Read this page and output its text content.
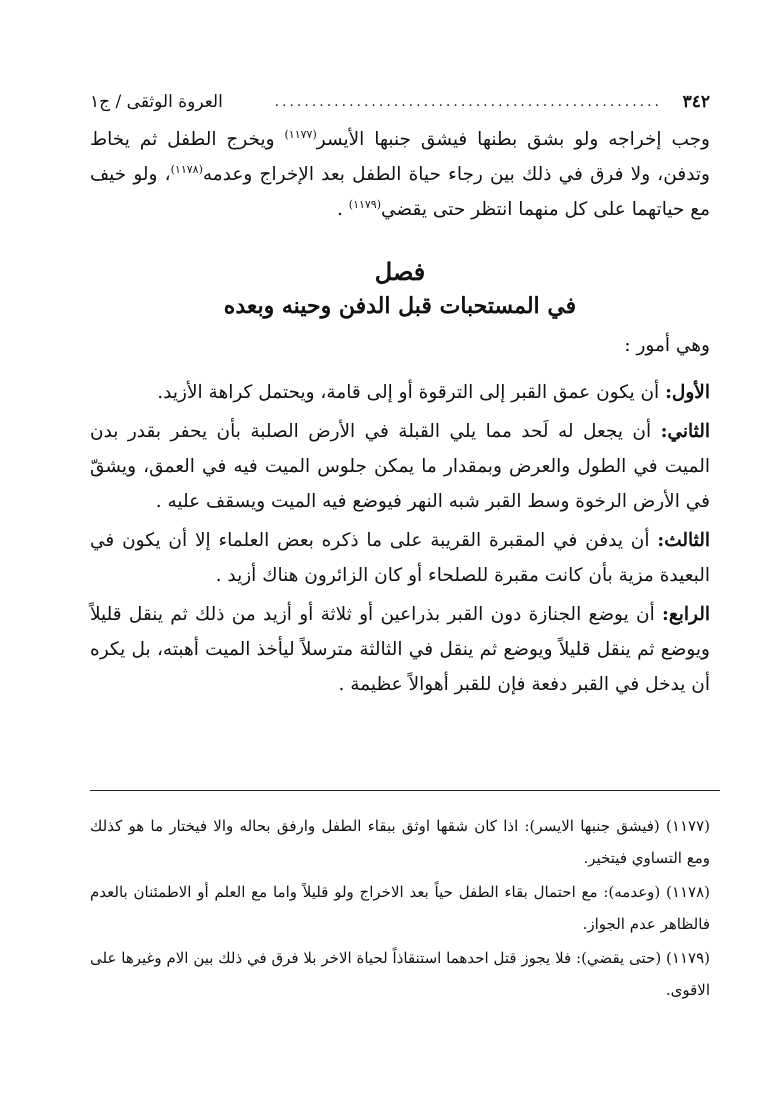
٣٤٢
....................................................
العروة الوثقى / ج١

وجب إخراجه ولو بشق بطنها فيشق جنبها الأيسر$^{(١١٧٧)}$ ويخرج الطفل ثم يخاط وتدفن، ولا فرق في ذلك بين رجاء حياة الطفل بعد الإخراج وعدمه$^{(١١٧٨)}$، ولو خيف مع حياتهما على كل منهما انتظر حتى يقضي$^{(١١٧٩)}$ .

فصل
في المستحبات قبل الدفن وحينه وبعده
وهي أمور :

الأول: أن يكون عمق القبر إلى الترقوة أو إلى قامة، ويحتمل كراهة الأزيد.

الثاني: أن يجعل له لَحد مما يلي القبلة في الأرض الصلبة بأن يحفر بقدر بدن الميت في الطول والعرض وبمقدار ما يمكن جلوس الميت فيه في العمق، ويشقّ في الأرض الرخوة وسط القبر شبه النهر فيوضع فيه الميت ويسقف عليه .

الثالث: أن يدفن في المقبرة القريبة على ما ذكره بعض العلماء إلا أن يكون في البعيدة مزية بأن كانت مقبرة للصلحاء أو كان الزائرون هناك أزيد .

الرابع: أن يوضع الجنازة دون القبر بذراعين أو ثلاثة أو أزيد من ذلك ثم ينقل قليلاً ويوضع ثم ينقل قليلاً ويوضع ثم ينقل في الثالثة مترسلاً ليأخذ الميت أهبته، بل يكره أن يدخل في القبر دفعة فإن للقبر أهوالاً عظيمة .

(١١٧٧) (فيشق جنبها الايسر): اذا كان شقها اوثق ببقاء الطفل وارفق بحاله والا فيختار ما هو كذلك ومع التساوي فيتخير.

(١١٧٨) (وعدمه): مع احتمال بقاء الطفل حياً بعد الاخراج ولو قليلاً واما مع العلم أو الاطمئنان بالعدم فالظاهر عدم الجواز.

(١١٧٩) (حتى يقضي): فلا يجوز قتل احدهما استنقاذاً لحياة الاخر بلا فرق في ذلك بين الام وغيرها على الاقوى.
